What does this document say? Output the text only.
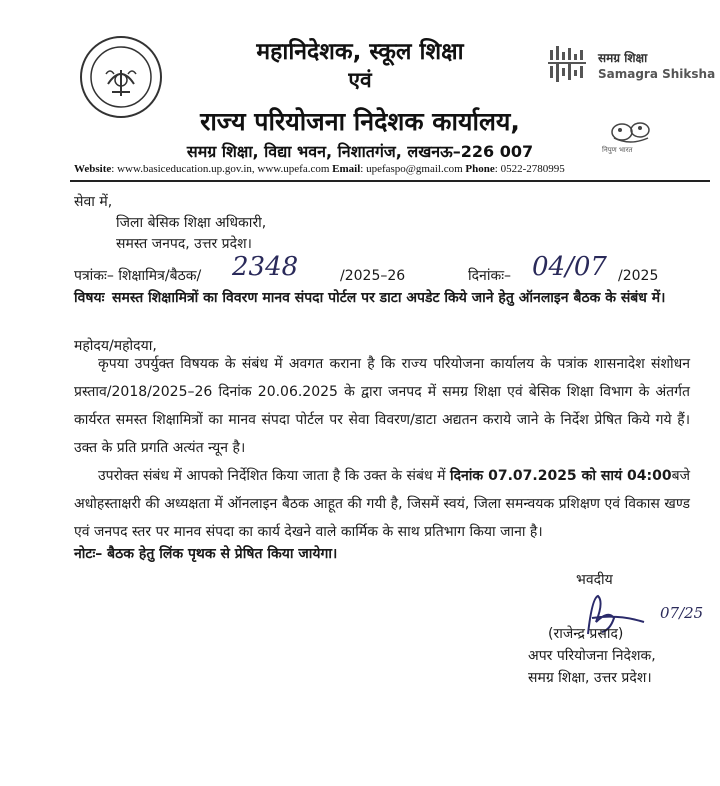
महानिदेशक, स्कूल शिक्षा
एवं
राज्य परियोजना निदेशक कार्यालय,
समग्र शिक्षा, विद्या भवन, निशातगंज, लखनऊ–226 007
समग्र शिक्षा
Samagra Shiksha
निपुण भारत
Website: www.basiceducation.up.gov.in, www.upefa.com Email: upefaspo@gmail.com Phone: 0522-2780995
सेवा में,
जिला बेसिक शिक्षा अधिकारी,
समस्त जनपद, उत्तर प्रदेश।
पत्रांकः– शिक्षामित्र/बैठक/ 2348	/2025–26	दिनांकः– 04/07 /2025
विषयः समस्त शिक्षामित्रों का विवरण मानव संपदा पोर्टल पर डाटा अपडेट किये जाने हेतु ऑनलाइन बैठक के संबंध में।
महोदय/महोदया,
कृपया उपर्युक्त विषयक के संबंध में अवगत कराना है कि राज्य परियोजना कार्यालय के पत्रांक शासनादेश संशोधन प्रस्ताव/2018/2025–26 दिनांक 20.06.2025 के द्वारा जनपद में समग्र शिक्षा एवं बेसिक शिक्षा विभाग के अंतर्गत कार्यरत समस्त शिक्षामित्रों का मानव संपदा पोर्टल पर सेवा विवरण/डाटा अद्यतन कराये जाने के निर्देश प्रेषित किये गये हैं। उक्त के प्रति प्रगति अत्यंत न्यून है।
उपरोक्त संबंध में आपको निर्देशित किया जाता है कि उक्त के संबंध में दिनांक 07.07.2025 को सायं 04:00बजे अधोहस्ताक्षरी की अध्यक्षता में ऑनलाइन बैठक आहूत की गयी है, जिसमें स्वयं, जिला समन्वयक प्रशिक्षण एवं विकास खण्ड एवं जनपद स्तर पर मानव संपदा का कार्य देखने वाले कार्मिक के साथ प्रतिभाग किया जाना है।
नोटः– बैठक हेतु लिंक पृथक से प्रेषित किया जायेगा।
भवदीय
07/25
(राजेन्द्र प्रसाद)
अपर परियोजना निदेशक,
समग्र शिक्षा, उत्तर प्रदेश।
